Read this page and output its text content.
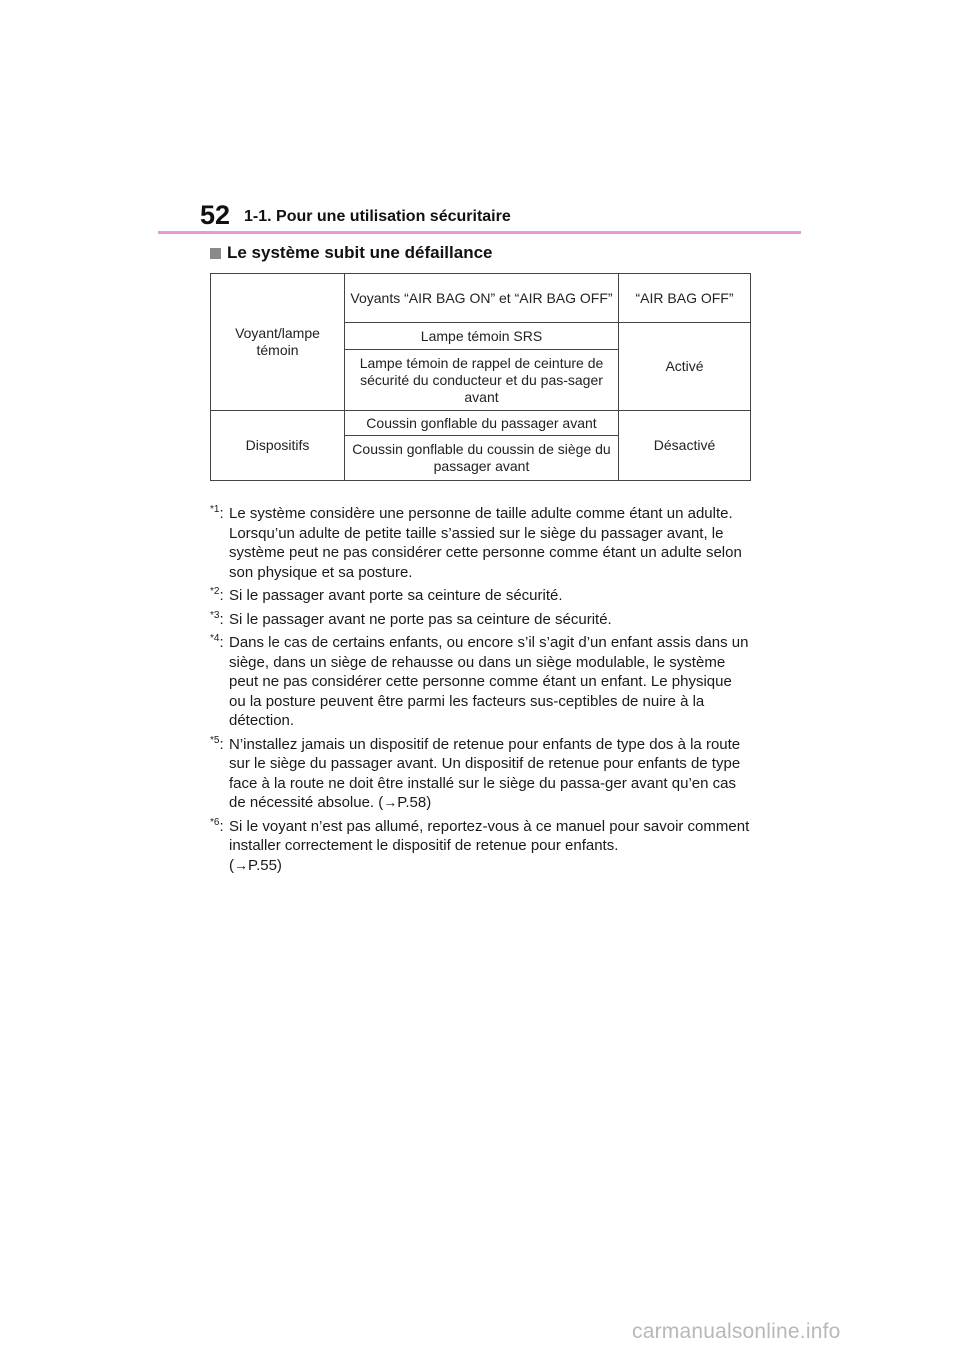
52 1-1. Pour une utilisation sécuritaire
Le système subit une défaillance
Voyant/lampe témoin	Voyants “AIR BAG ON” et “AIR BAG OFF”	“AIR BAG OFF”
	Lampe témoin SRS	Activé
	Lampe témoin de rappel de ceinture de sécurité du conducteur et du pas-sager avant	
Dispositifs	Coussin gonflable du passager avant	Désactivé
	Coussin gonflable du coussin de siège du passager avant	
$^{*1}$: Le système considère une personne de taille adulte comme étant un adulte. Lorsqu’un adulte de petite taille s’assied sur le siège du passager avant, le système peut ne pas considérer cette personne comme étant un adulte selon son physique et sa posture.
$^{*2}$: Si le passager avant porte sa ceinture de sécurité.
$^{*3}$: Si le passager avant ne porte pas sa ceinture de sécurité.
$^{*4}$: Dans le cas de certains enfants, ou encore s’il s’agit d’un enfant assis dans un siège, dans un siège de rehausse ou dans un siège modulable, le système peut ne pas considérer cette personne comme étant un enfant. Le physique ou la posture peuvent être parmi les facteurs sus-ceptibles de nuire à la détection.
$^{*5}$: N’installez jamais un dispositif de retenue pour enfants de type dos à la route sur le siège du passager avant. Un dispositif de retenue pour enfants de type face à la route ne doit être installé sur le siège du passa-ger avant qu’en cas de nécessité absolue. (→P.58)
$^{*6}$: Si le voyant n’est pas allumé, reportez-vous à ce manuel pour savoir comment installer correctement le dispositif de retenue pour enfants.
(→P.55)
carmanualsonline.info
